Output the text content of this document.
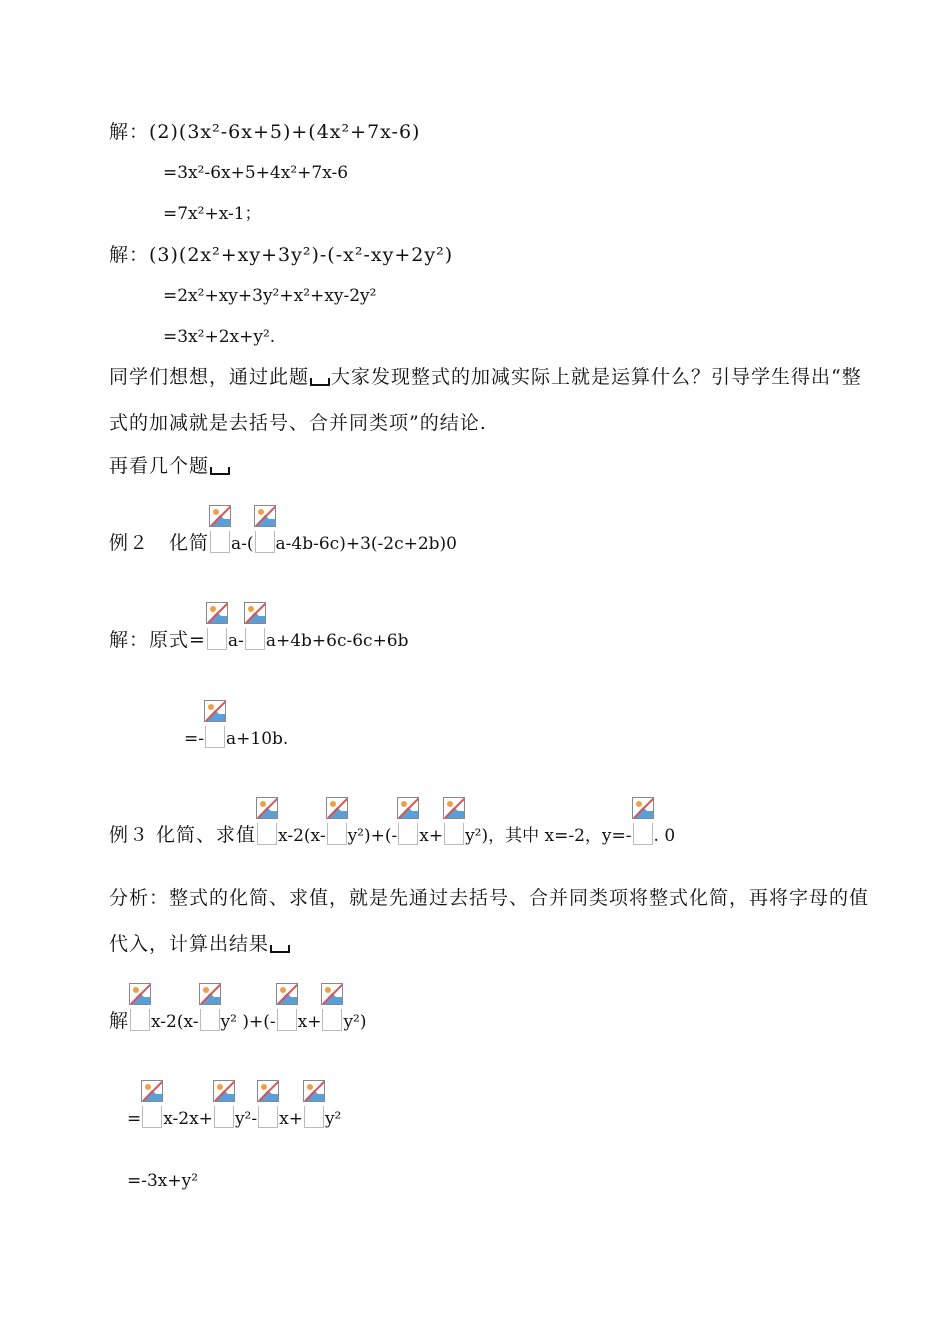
解：(2)(3x²-6x+5)+(4x²+7x-6)
=3x²-6x+5+4x²+7x-6
=7x²+x-1；
解：(3)(2x²+xy+3y²)-(-x²-xy+2y²)
=2x²+xy+3y²+x²+xy-2y²
=3x²+2x+y².
同学们想想，通过此题 大家发现整式的加减实际上就是运算什么？引导学生得出“整
式的加减就是去括号、合并同类项”的结论.
再看几个题
例２　化简 a-( a-4b-6c)+3(-2c+2b)0
解：原式= a- a+4b+6c-6c+6b
=- a+10b.
例３ 化简、求值 x-2(x- y²)+(- x+ y²)，其中 x=-2，y=- . 0
分析：整式的化简、求值，就是先通过去括号、合并同类项将整式化简，再将字母的值
代入，计算出结果
解 x-2(x- y² )+(- x+ y²)
= x-2x+ y²- x+ y²
=-3x+y²
